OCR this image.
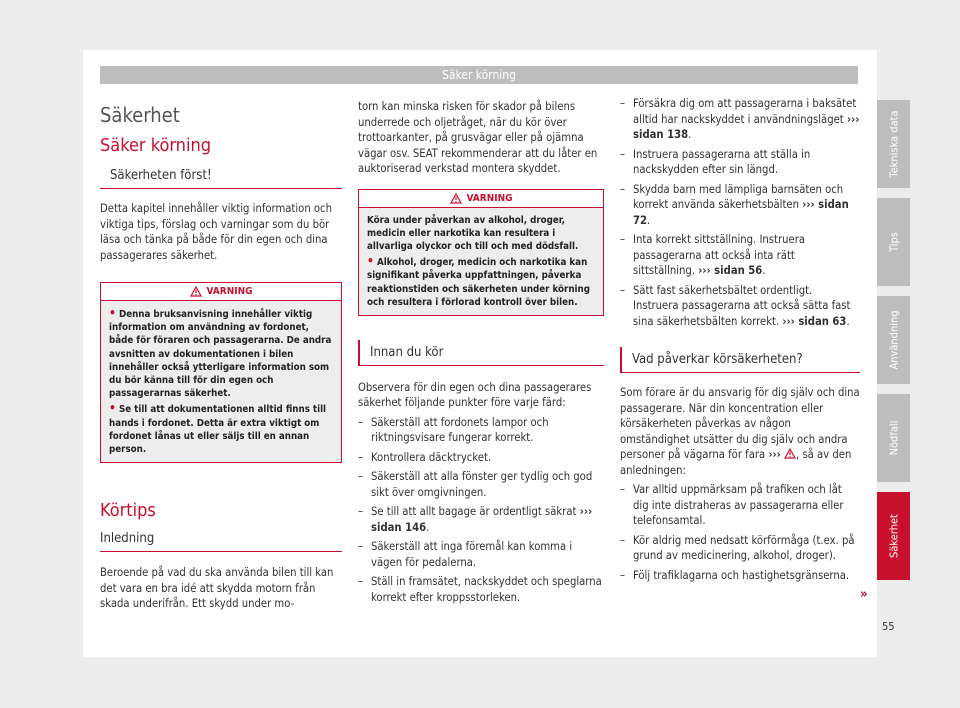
Säker körning
Säkerhet
Säker körning
Säkerheten först!

Detta kapitel innehåller viktig information och viktiga tips, förslag och varningar som du bör läsa och tänka på både för din egen och dina passagerares säkerhet.

VARNING
• Denna bruksanvisning innehåller viktig information om användning av fordonet, både för föraren och passagerarna. De andra avsnitten av dokumentationen i bilen innehåller också ytterligare information som du bör känna till för din egen och passagerarnas säkerhet.
• Se till att dokumentationen alltid finns till hands i fordonet. Detta är extra viktigt om fordonet lånas ut eller säljs till en annan person.
Körtips
Inledning

Beroende på vad du ska använda bilen till kan det vara en bra idé att skydda motorn från skada underifrån. Ett skydd under mo-

torn kan minska risken för skador på bilens underrede och oljetråget, när du kör över trottoarkanter, på grusvägar eller på ojämna vägar osv. SEAT rekommenderar att du låter en auktoriserad verkstad montera skyddet.

VARNING
Köra under påverkan av alkohol, droger, medicin eller narkotika kan resultera i allvarliga olyckor och till och med dödsfall.
• Alkohol, droger, medicin och narkotika kan signifikant påverka uppfattningen, påverka reaktionstiden och säkerheten under körning och resultera i förlorad kontroll över bilen.
Innan du kör

Observera för din egen och dina passagerares säkerhet följande punkter före varje färd:

– Säkerställ att fordonets lampor och riktningsvisare fungerar korrekt.
– Kontrollera däcktrycket.
– Säkerställ att alla fönster ger tydlig och god sikt över omgivningen.
– Se till att allt bagage är ordentligt säkrat ››› sidan 146.
– Säkerställ att inga föremål kan komma i vägen för pedalerna.
– Ställ in framsätet, nackskyddet och speglarna korrekt efter kroppsstorleken.
– Försäkra dig om att passagerarna i baksätet alltid har nackskyddet i användningsläget ››› sidan 138.
– Instruera passagerarna att ställa in nackskydden efter sin längd.
– Skydda barn med lämpliga barnsäten och korrekt använda säkerhetsbälten ››› sidan 72.
– Inta korrekt sittställning. Instruera passagerarna att också inta rätt sittställning. ››› sidan 56.
– Sätt fast säkerhetsbältet ordentligt. Instruera passagerarna att också sätta fast sina säkerhetsbälten korrekt. ››› sidan 63.
Vad påverkar körsäkerheten?

Som förare är du ansvarig för dig själv och dina passagerare. När din koncentration eller körsäkerheten påverkas av någon omständighet utsätter du dig själv och andra personer på vägarna för fara ››› , så av den anledningen:

– Var alltid uppmärksam på trafiken och låt dig inte distraheras av passagerarna eller telefonsamtal.
– Kör aldrig med nedsatt körförmåga (t.ex. på grund av medicinering, alkohol, droger).
– Följ trafiklagarna och hastighetsgränserna.
»
Tekniska data
Tips
Användning
Nödfall
Säkerhet
55
